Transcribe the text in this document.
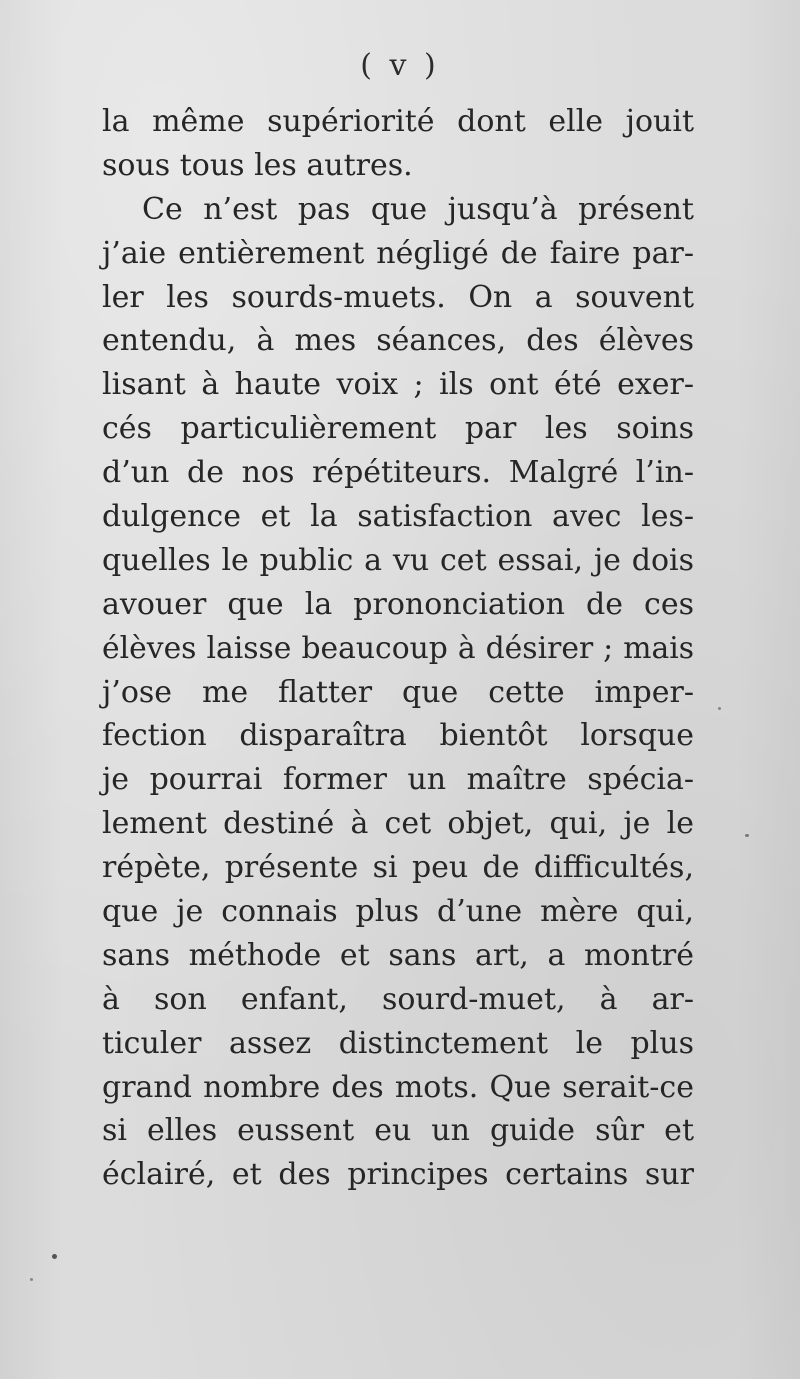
( v )
la même supériorité dont elle jouit
sous tous les autres.
Ce n’est pas que jusqu’à présent
j’aie entièrement négligé de faire par-
ler les sourds-muets. On a souvent
entendu, à mes séances, des élèves
lisant à haute voix ; ils ont été exer-
cés particulièrement par les soins
d’un de nos répétiteurs. Malgré l’in-
dulgence et la satisfaction avec les-
quelles le public a vu cet essai, je dois
avouer que la prononciation de ces
élèves laisse beaucoup à désirer ; mais
j’ose me flatter que cette imper-
fection disparaîtra bientôt lorsque
je pourrai former un maître spécia-
lement destiné à cet objet, qui, je le
répète, présente si peu de difficultés,
que je connais plus d’une mère qui,
sans méthode et sans art, a montré
à son enfant, sourd-muet, à ar-
ticuler assez distinctement le plus
grand nombre des mots. Que serait-ce
si elles eussent eu un guide sûr et
éclairé, et des principes certains sur
